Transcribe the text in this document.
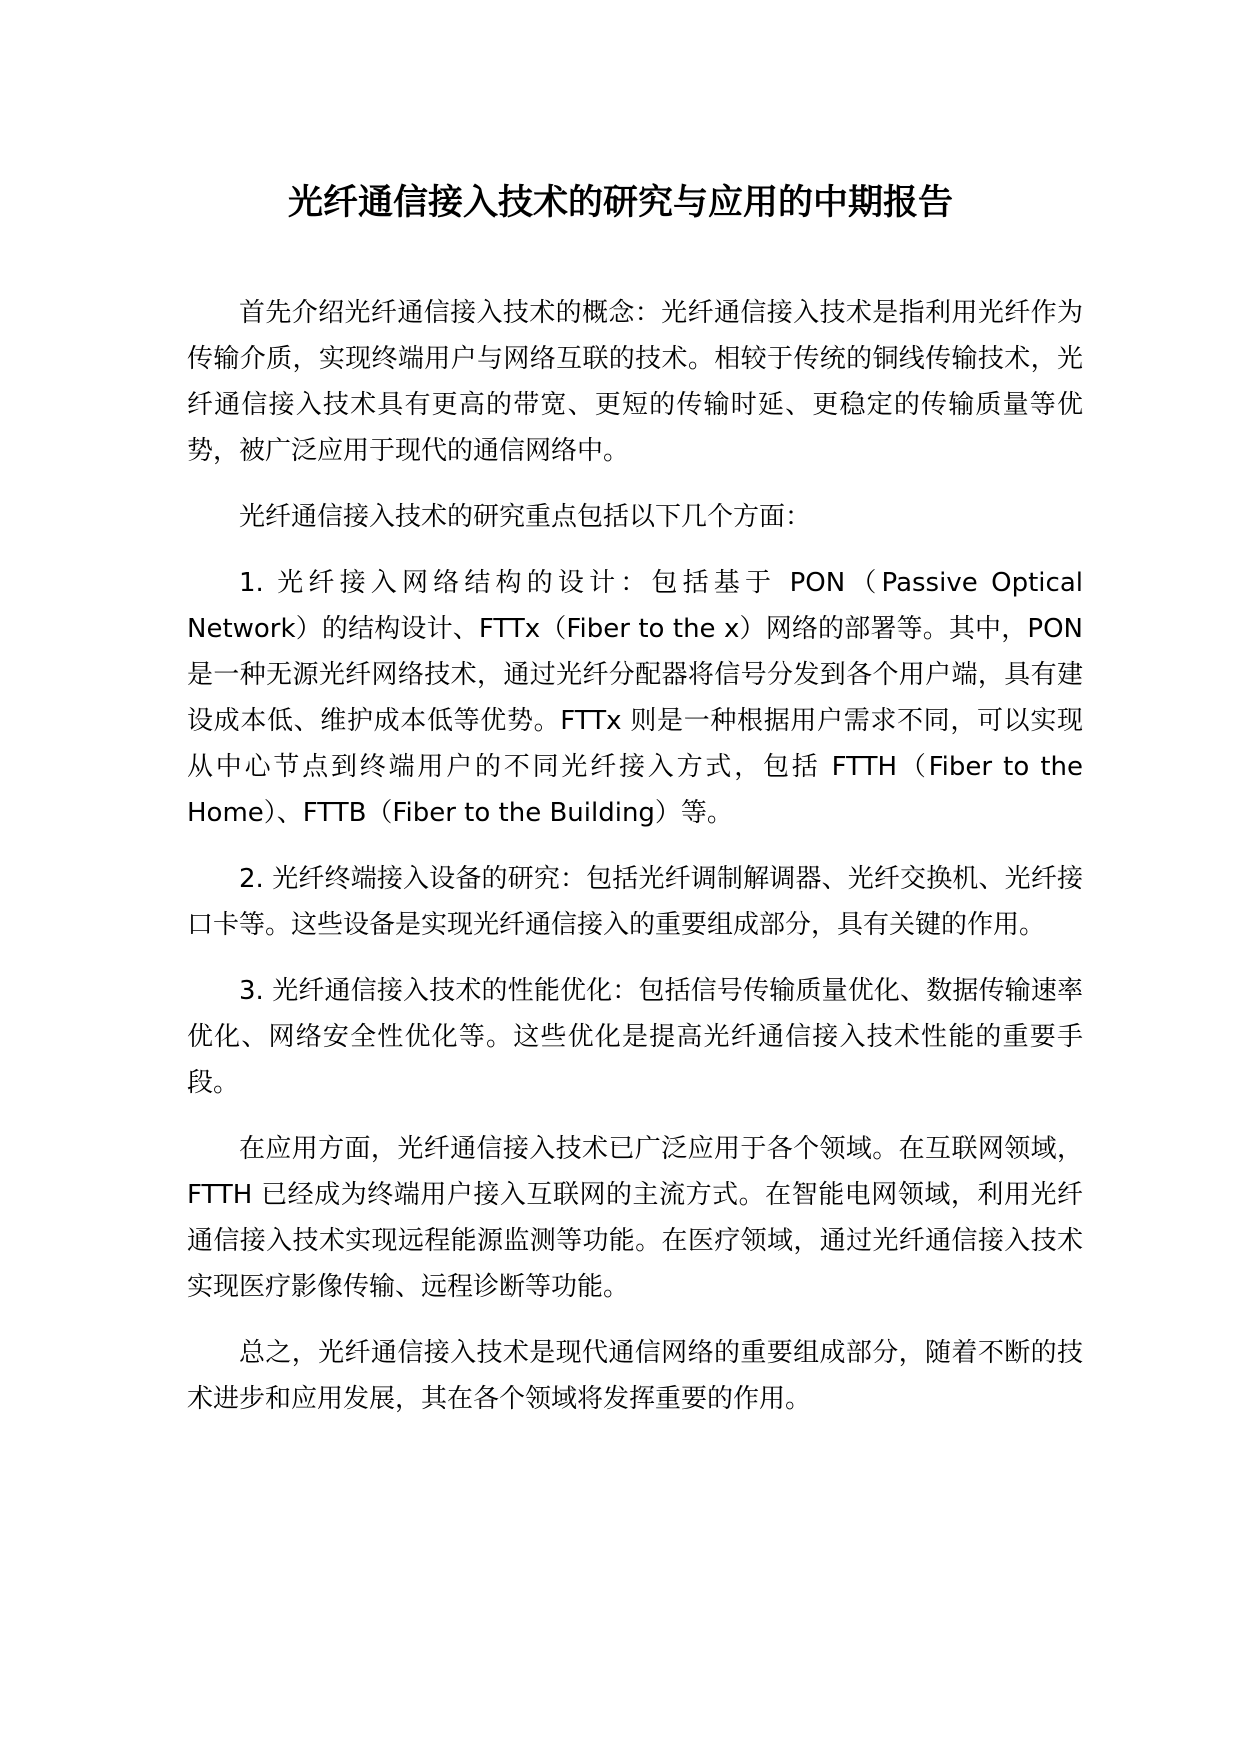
光纤通信接入技术的研究与应用的中期报告

首先介绍光纤通信接入技术的概念：光纤通信接入技术是指利用光纤作为传输介质，实现终端用户与网络互联的技术。相较于传统的铜线传输技术，光纤通信接入技术具有更高的带宽、更短的传输时延、更稳定的传输质量等优势，被广泛应用于现代的通信网络中。

光纤通信接入技术的研究重点包括以下几个方面：

1. 光纤接入网络结构的设计：包括基于 PON（Passive Optical Network）的结构设计、FTTx（Fiber to the x）网络的部署等。其中，PON 是一种无源光纤网络技术，通过光纤分配器将信号分发到各个用户端，具有建设成本低、维护成本低等优势。FTTx 则是一种根据用户需求不同，可以实现从中心节点到终端用户的不同光纤接入方式，包括 FTTH（Fiber to the Home）、FTTB（Fiber to the Building）等。

2. 光纤终端接入设备的研究：包括光纤调制解调器、光纤交换机、光纤接口卡等。这些设备是实现光纤通信接入的重要组成部分，具有关键的作用。

3. 光纤通信接入技术的性能优化：包括信号传输质量优化、数据传输速率优化、网络安全性优化等。这些优化是提高光纤通信接入技术性能的重要手段。

在应用方面，光纤通信接入技术已广泛应用于各个领域。在互联网领域，FTTH 已经成为终端用户接入互联网的主流方式。在智能电网领域，利用光纤通信接入技术实现远程能源监测等功能。在医疗领域，通过光纤通信接入技术实现医疗影像传输、远程诊断等功能。

总之，光纤通信接入技术是现代通信网络的重要组成部分，随着不断的技术进步和应用发展，其在各个领域将发挥重要的作用。
